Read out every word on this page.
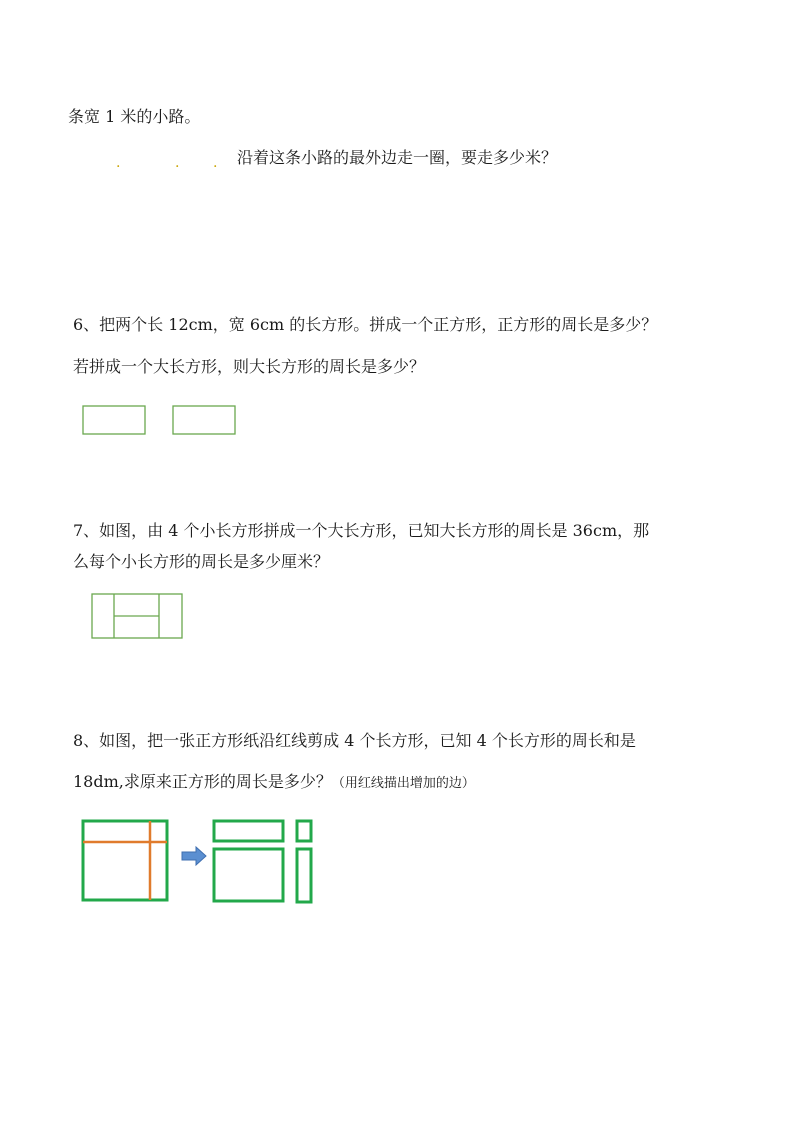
条宽 1 米的小路。
.	. . 沿着这条小路的最外边走一圈，要走多少米？
6、把两个长 12cm，宽 6cm 的长方形。拼成一个正方形，正方形的周长是多少？
若拼成一个大长方形，则大长方形的周长是多少？
7、如图，由 4 个小长方形拼成一个大长方形，已知大长方形的周长是 36cm，那
么每个小长方形的周长是多少厘米？
8、如图，把一张正方形纸沿红线剪成 4 个长方形，已知 4 个长方形的周长和是
18dm,求原来正方形的周长是多少？（用红线描出增加的边）
